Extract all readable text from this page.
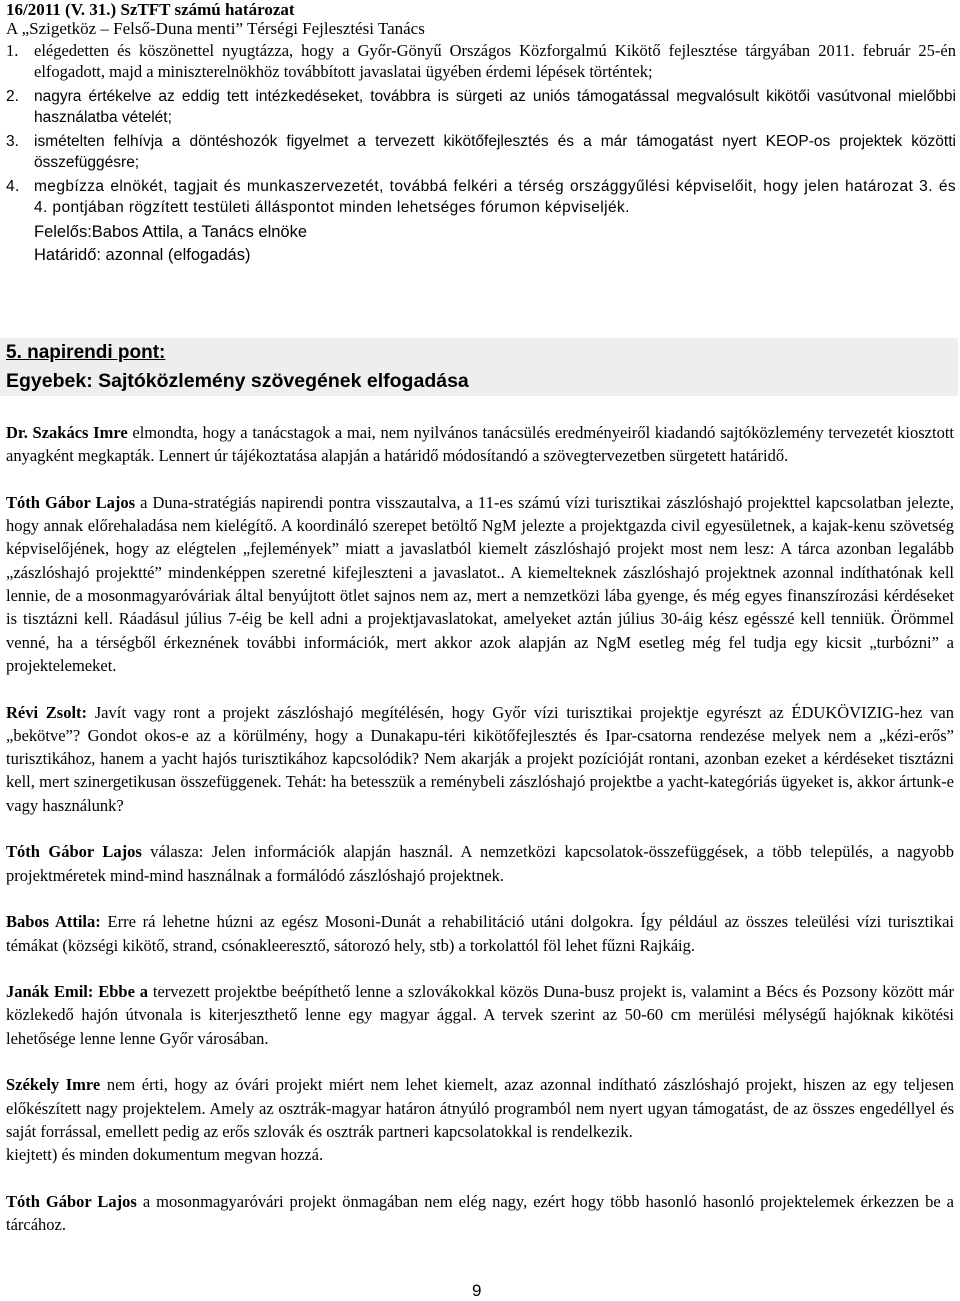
16/2011 (V. 31.) SzTFT számú határozat
A „Szigetköz – Felső-Duna menti” Térségi Fejlesztési Tanács
1. elégedetten és köszönettel nyugtázza, hogy a Győr-Gönyű Országos Közforgalmú Kikötő fejlesztése tárgyában 2011. február 25-én elfogadott, majd a miniszterelnökhöz továbbított javaslatai ügyében érdemi lépések történtek;
2. nagyra értékelve az eddig tett intézkedéseket, továbbra is sürgeti az uniós támogatással megvalósult kikötői vasútvonal mielőbbi használatba vételét;
3. ismételten felhívja a döntéshozók figyelmet a tervezett kikötőfejlesztés és a már támogatást nyert KEOP-os projektek közötti összefüggésre;
4. megbízza elnökét, tagjait és munkaszervezetét, továbbá felkéri a térség országgyűlési képviselőit, hogy jelen határozat 3. és 4. pontjában rögzített testületi álláspontot minden lehetséges fórumon képviseljék.
Felelős:Babos Attila, a Tanács elnöke
Határidő: azonnal (elfogadás)
5. napirendi pont:
Egyebek: Sajtóközlemény szövegének elfogadása

Dr. Szakács Imre elmondta, hogy a tanácstagok a mai, nem nyilvános tanácsülés eredményeiről kiadandó sajtóközlemény tervezetét kiosztott anyagként megkapták. Lennert úr tájékoztatása alapján a határidő módosítandó a szövegtervezetben sürgetett határidő.

Tóth Gábor Lajos a Duna-stratégiás napirendi pontra visszautalva, a 11-es számú vízi turisztikai zászlóshajó projekttel kapcsolatban jelezte, hogy annak előrehaladása nem kielégítő. A koordináló szerepet betöltő NgM jelezte a projektgazda civil egyesületnek, a kajak-kenu szövetség képviselőjének, hogy az elégtelen „fejlemények” miatt a javaslatból kiemelt zászlóshajó projekt most nem lesz: A tárca azonban legalább „zászlóshajó projektté” mindenképpen szeretné kifejleszteni a javaslatot.. A kiemelteknek zászlóshajó projektnek azonnal indíthatónak kell lennie, de a mosonmagyaróváriak által benyújtott ötlet sajnos nem az, mert a nemzetközi lába gyenge, és még egyes finanszírozási kérdéseket is tisztázni kell. Ráadásul július 7-éig be kell adni a projektjavaslatokat, amelyeket aztán július 30-áig kész egésszé kell tenniük. Örömmel venné, ha a térségből érkeznének további információk, mert akkor azok alapján az NgM esetleg még fel tudja egy kicsit „turbózni” a projektelemeket.

Révi Zsolt: Javít vagy ront a projekt zászlóshajó megítélésén, hogy Győr vízi turisztikai projektje egyrészt az ÉDUKÖVIZIG-hez van „bekötve”? Gondot okos-e az a körülmény, hogy a Dunakapu-téri kikötőfejlesztés és Ipar-csatorna rendezése melyek nem a „kézi-erős” turisztikához, hanem a yacht hajós turisztikához kapcsolódik? Nem akarják a projekt pozícióját rontani, azonban ezeket a kérdéseket tisztázni kell, mert szinergetikusan összefüggenek. Tehát: ha betesszük a reménybeli zászlóshajó projektbe a yacht-kategóriás ügyeket is, akkor ártunk-e vagy használunk?

Tóth Gábor Lajos válasza: Jelen információk alapján használ. A nemzetközi kapcsolatok-összefüggések, a több település, a nagyobb projektméretek mind-mind használnak a formálódó zászlóshajó projektnek.

Babos Attila: Erre rá lehetne húzni az egész Mosoni-Dunát a rehabilitáció utáni dolgokra. Így például az összes teleülési vízi turisztikai témákat (községi kikötő, strand, csónakleeresztő, sátorozó hely, stb) a torkolattól föl lehet fűzni Rajkáig.

Janák Emil: Ebbe a tervezett projektbe beépíthető lenne a szlovákokkal közös Duna-busz projekt is, valamint a Bécs és Pozsony között már közlekedő hajón útvonala is kiterjeszthető lenne egy magyar ággal. A tervek szerint az 50-60 cm merülési mélységű hajóknak kikötési lehetősége lenne lenne Győr városában.

Székely Imre nem érti, hogy az óvári projekt miért nem lehet kiemelt, azaz azonnal indítható zászlóshajó projekt, hiszen az egy teljesen előkészített nagy projektelem. Amely az osztrák-magyar határon átnyúló programból nem nyert ugyan támogatást, de az összes engedéllyel és saját forrással, emellett pedig az erős szlovák és osztrák partneri kapcsolatokkal is rendelkezik.

kiejtett) és minden dokumentum megvan hozzá.

Tóth Gábor Lajos a mosonmagyaróvári projekt önmagában nem elég nagy, ezért hogy több hasonló hasonló projektelemek érkezzen be a tárcához.

9
